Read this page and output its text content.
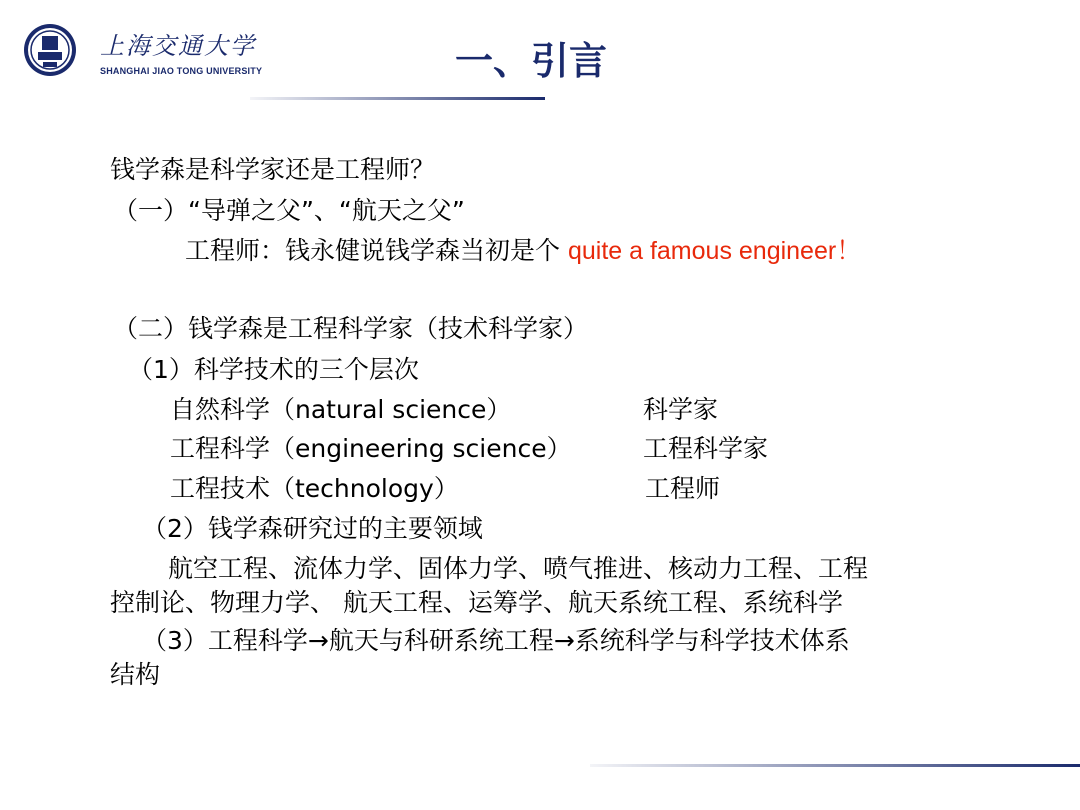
上海交通大学
SHANGHAI JIAO TONG UNIVERSITY	一、引言
钱学森是科学家还是工程师？
（一）“导弹之父”、“航天之父”
工程师：钱永健说钱学森当初是个 quite a famous engineer！
（二）钱学森是工程科学家（技术科学家）
（1）科学技术的三个层次
自然科学（natural science）	科学家
工程科学（engineering science）	工程科学家
工程技术（technology）	工程师
（2）钱学森研究过的主要领域
航空工程、流体力学、固体力学、喷气推进、核动力工程、工程
控制论、物理力学、 航天工程、运筹学、航天系统工程、系统科学
（3）工程科学→航天与科研系统工程→系统科学与科学技术体系
结构
